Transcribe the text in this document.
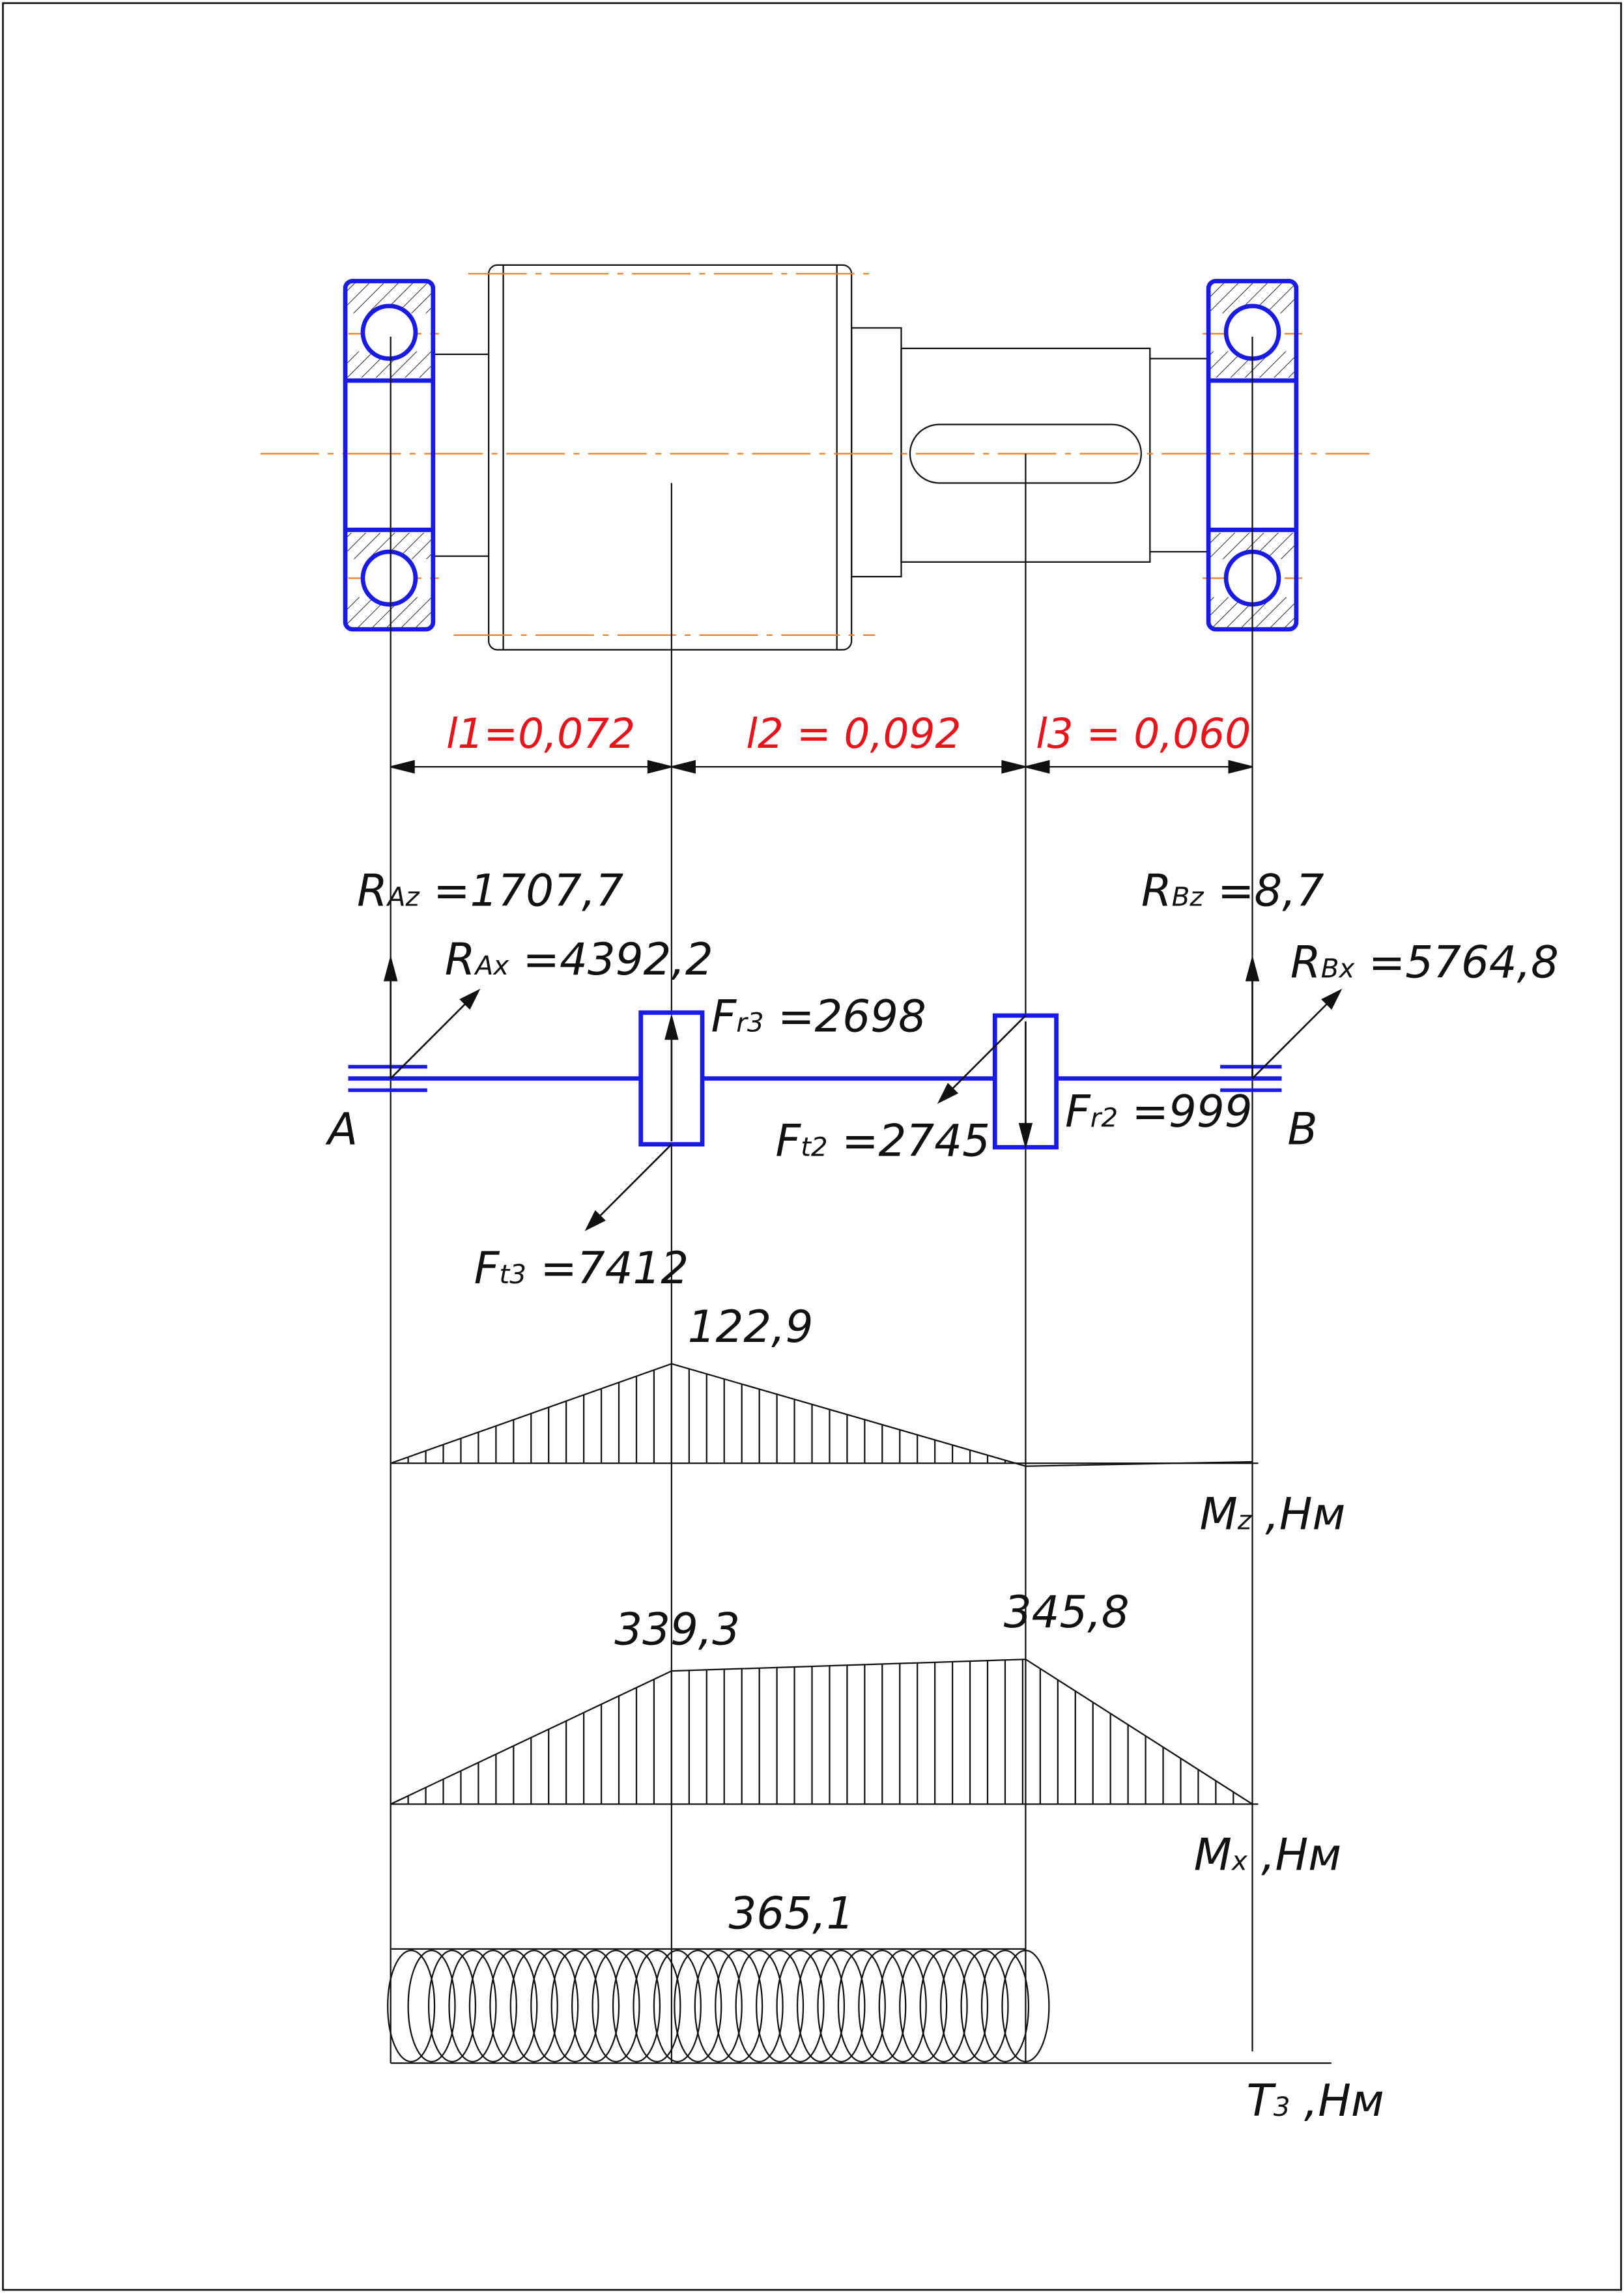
l1=0,072	l2 = 0,092	l3 = 0,060
A	B
RAz =1707,7
RAx =4392,2
RBz =8,7
RBx =5764,8
Fr3 =2698
Ft3 =7412
Ft2 =2745
Fr2 =999
122,9
Mz ,Нм
339,3	345,8
Mx ,Нм
365,1
T3 ,Нм
